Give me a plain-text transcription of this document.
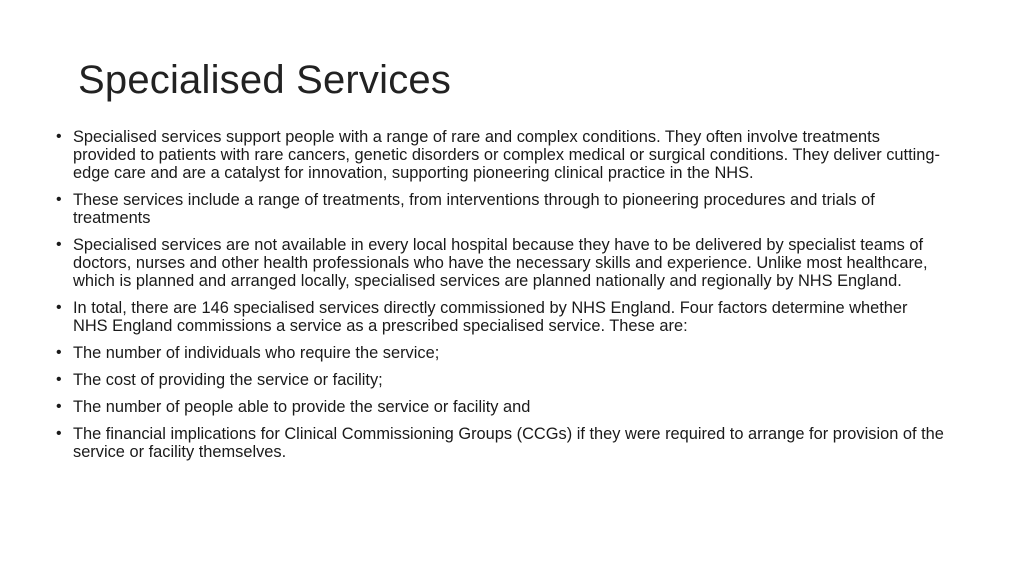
Specialised Services
• Specialised services support people with a range of rare and complex conditions. They often involve treatments provided to patients with rare cancers, genetic disorders or complex medical or surgical conditions. They deliver cutting-edge care and are a catalyst for innovation, supporting pioneering clinical practice in the NHS.
• These services include a range of treatments, from interventions through to pioneering procedures and trials of treatments
• Specialised services are not available in every local hospital because they have to be delivered by specialist teams of doctors, nurses and other health professionals who have the necessary skills and experience. Unlike most healthcare, which is planned and arranged locally, specialised services are planned nationally and regionally by NHS England.
• In total, there are 146 specialised services directly commissioned by NHS England. Four factors determine whether NHS England commissions a service as a prescribed specialised service. These are:
• The number of individuals who require the service;
• The cost of providing the service or facility;
• The number of people able to provide the service or facility and
• The financial implications for Clinical Commissioning Groups (CCGs) if they were required to arrange for provision of the service or facility themselves.
